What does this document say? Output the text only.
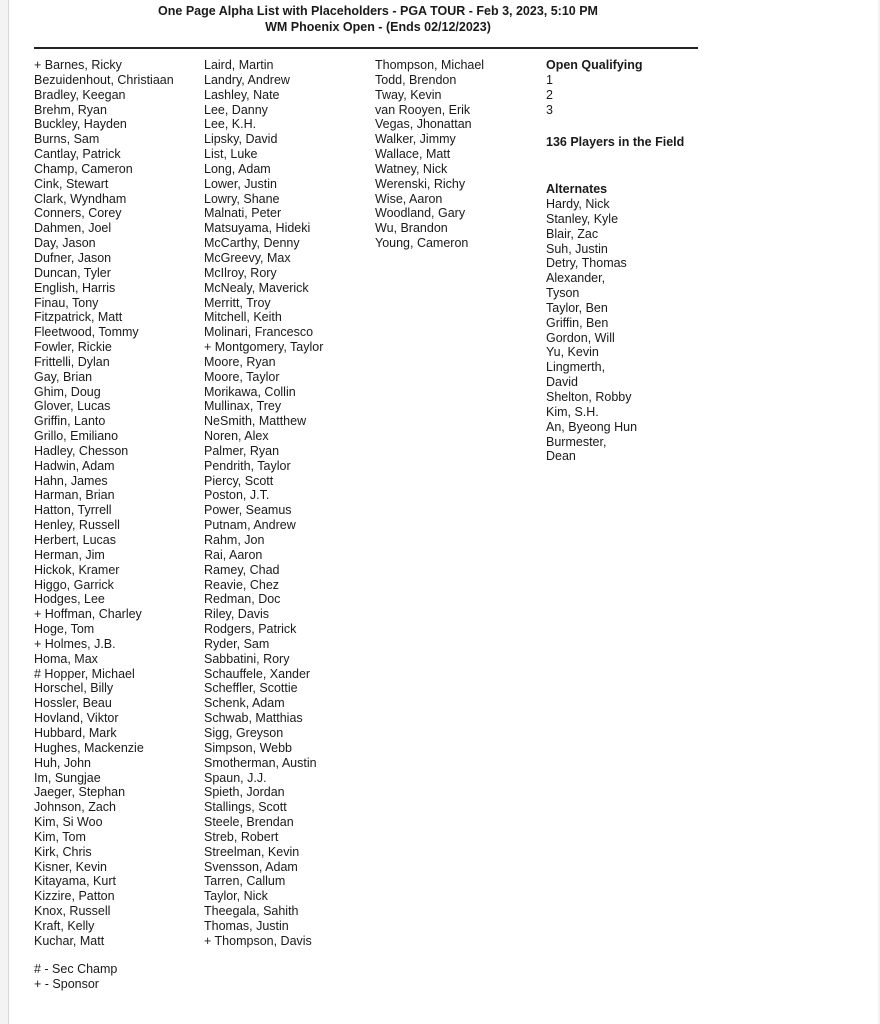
One Page Alpha List with Placeholders - PGA TOUR - Feb 3, 2023, 5:10 PM
WM Phoenix Open - (Ends 02/12/2023)
+ Barnes, Ricky
Bezuidenhout, Christiaan
Bradley, Keegan
Brehm, Ryan
Buckley, Hayden
Burns, Sam
Cantlay, Patrick
Champ, Cameron
Cink, Stewart
Clark, Wyndham
Conners, Corey
Dahmen, Joel
Day, Jason
Dufner, Jason
Duncan, Tyler
English, Harris
Finau, Tony
Fitzpatrick, Matt
Fleetwood, Tommy
Fowler, Rickie
Frittelli, Dylan
Gay, Brian
Ghim, Doug
Glover, Lucas
Griffin, Lanto
Grillo, Emiliano
Hadley, Chesson
Hadwin, Adam
Hahn, James
Harman, Brian
Hatton, Tyrrell
Henley, Russell
Herbert, Lucas
Herman, Jim
Hickok, Kramer
Higgo, Garrick
Hodges, Lee
+ Hoffman, Charley
Hoge, Tom
+ Holmes, J.B.
Homa, Max
# Hopper, Michael
Horschel, Billy
Hossler, Beau
Hovland, Viktor
Hubbard, Mark
Hughes, Mackenzie
Huh, John
Im, Sungjae
Jaeger, Stephan
Johnson, Zach
Kim, Si Woo
Kim, Tom
Kirk, Chris
Kisner, Kevin
Kitayama, Kurt
Kizzire, Patton
Knox, Russell
Kraft, Kelly
Kuchar, Matt
Laird, Martin
Landry, Andrew
Lashley, Nate
Lee, Danny
Lee, K.H.
Lipsky, David
List, Luke
Long, Adam
Lower, Justin
Lowry, Shane
Malnati, Peter
Matsuyama, Hideki
McCarthy, Denny
McGreevy, Max
McIlroy, Rory
McNealy, Maverick
Merritt, Troy
Mitchell, Keith
Molinari, Francesco
+ Montgomery, Taylor
Moore, Ryan
Moore, Taylor
Morikawa, Collin
Mullinax, Trey
NeSmith, Matthew
Noren, Alex
Palmer, Ryan
Pendrith, Taylor
Piercy, Scott
Poston, J.T.
Power, Seamus
Putnam, Andrew
Rahm, Jon
Rai, Aaron
Ramey, Chad
Reavie, Chez
Redman, Doc
Riley, Davis
Rodgers, Patrick
Ryder, Sam
Sabbatini, Rory
Schauffele, Xander
Scheffler, Scottie
Schenk, Adam
Schwab, Matthias
Sigg, Greyson
Simpson, Webb
Smotherman, Austin
Spaun, J.J.
Spieth, Jordan
Stallings, Scott
Steele, Brendan
Streb, Robert
Streelman, Kevin
Svensson, Adam
Tarren, Callum
Taylor, Nick
Theegala, Sahith
Thomas, Justin
+ Thompson, Davis
Thompson, Michael
Todd, Brendon
Tway, Kevin
van Rooyen, Erik
Vegas, Jhonattan
Walker, Jimmy
Wallace, Matt
Watney, Nick
Werenski, Richy
Wise, Aaron
Woodland, Gary
Wu, Brandon
Young, Cameron
Open Qualifying
1
2
3
136 Players in the Field
Alternates
Hardy, Nick
Stanley, Kyle
Blair, Zac
Suh, Justin
Detry, Thomas
Alexander,
Tyson
Taylor, Ben
Griffin, Ben
Gordon, Will
Yu, Kevin
Lingmerth,
David
Shelton, Robby
Kim, S.H.
An, Byeong Hun
Burmester,
Dean
# - Sec Champ
+ - Sponsor
